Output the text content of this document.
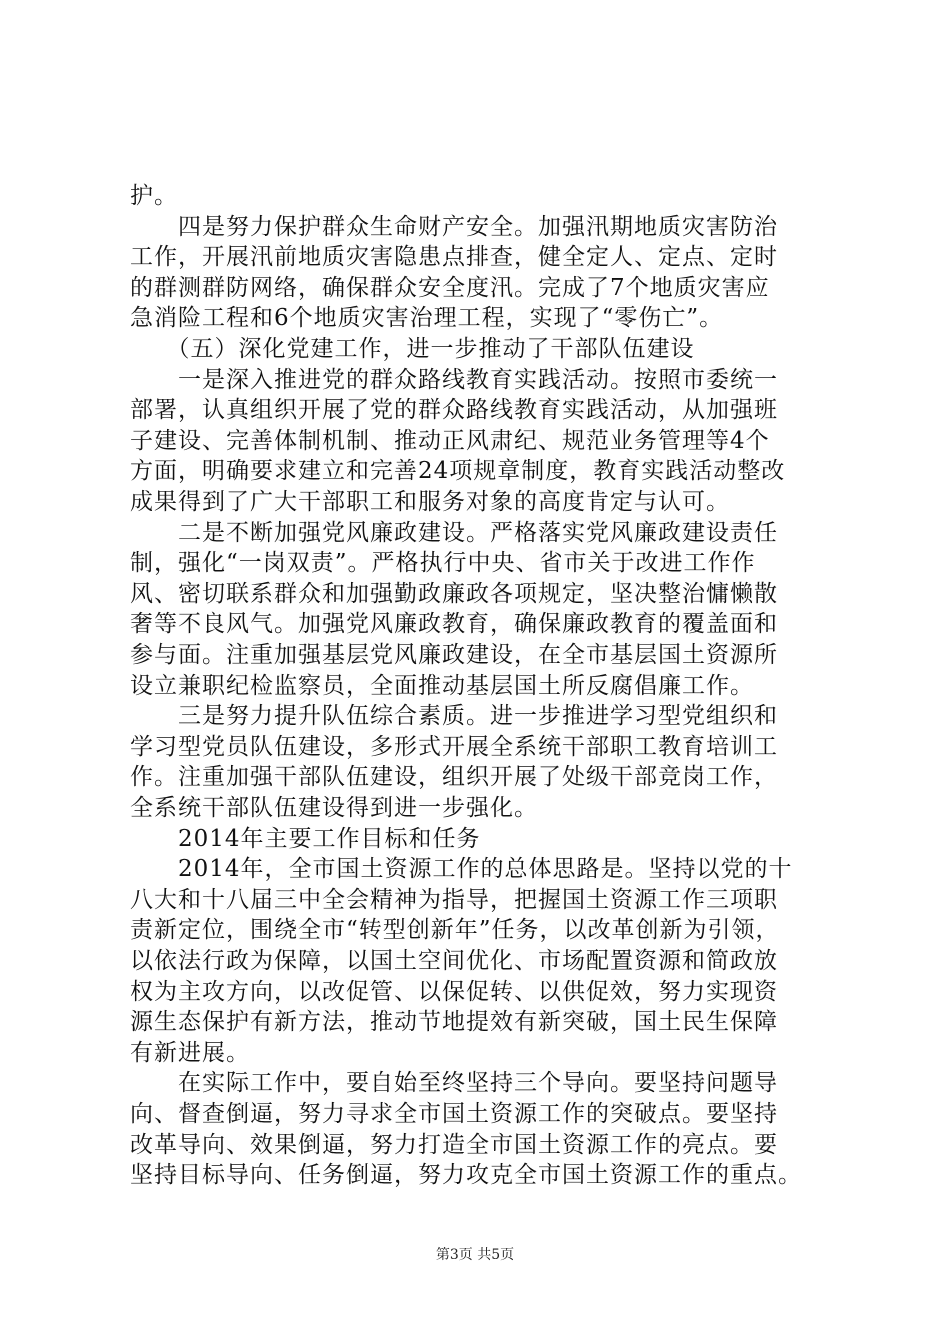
护。
　　四是努力保护群众生命财产安全。加强汛期地质灾害防治
工作，开展汛前地质灾害隐患点排查，健全定人、定点、定时
的群测群防网络，确保群众安全度汛。完成了7个地质灾害应
急消险工程和6个地质灾害治理工程，实现了“零伤亡”。
　　（五）深化党建工作，进一步推动了干部队伍建设
　　一是深入推进党的群众路线教育实践活动。按照市委统一
部署，认真组织开展了党的群众路线教育实践活动，从加强班
子建设、完善体制机制、推动正风肃纪、规范业务管理等4个
方面，明确要求建立和完善24项规章制度，教育实践活动整改
成果得到了广大干部职工和服务对象的高度肯定与认可。
　　二是不断加强党风廉政建设。严格落实党风廉政建设责任
制，强化“一岗双责”。严格执行中央、省市关于改进工作作
风、密切联系群众和加强勤政廉政各项规定，坚决整治慵懒散
奢等不良风气。加强党风廉政教育，确保廉政教育的覆盖面和
参与面。注重加强基层党风廉政建设，在全市基层国土资源所
设立兼职纪检监察员，全面推动基层国土所反腐倡廉工作。
　　三是努力提升队伍综合素质。进一步推进学习型党组织和
学习型党员队伍建设，多形式开展全系统干部职工教育培训工
作。注重加强干部队伍建设，组织开展了处级干部竞岗工作，
全系统干部队伍建设得到进一步强化。
　　2014年主要工作目标和任务
　　2014年，全市国土资源工作的总体思路是。坚持以党的十
八大和十八届三中全会精神为指导，把握国土资源工作三项职
责新定位，围绕全市“转型创新年”任务，以改革创新为引领，
以依法行政为保障，以国土空间优化、市场配置资源和简政放
权为主攻方向，以改促管、以保促转、以供促效，努力实现资
源生态保护有新方法，推动节地提效有新突破，国土民生保障
有新进展。
　　在实际工作中，要自始至终坚持三个导向。要坚持问题导
向、督查倒逼，努力寻求全市国土资源工作的突破点。要坚持
改革导向、效果倒逼，努力打造全市国土资源工作的亮点。要
坚持目标导向、任务倒逼，努力攻克全市国土资源工作的重点。
第3页 共5页
